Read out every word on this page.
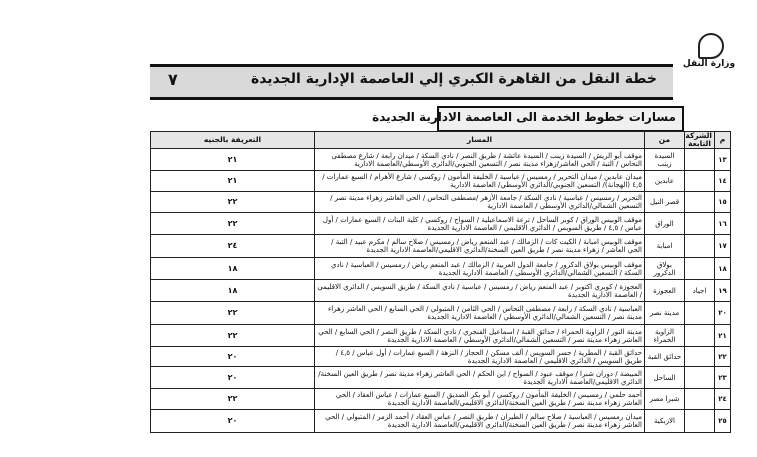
وزارة النقل
٧	خطة النقل من القاهرة الكبري إلي العاصمة الإدارية الجديدة
مسارات خطوط الخدمة الى العاصمة الادارية الجديدة
م	الشركة التابعة	من	المسار	التعريفة بالجنيه
١٣		السيدة زينب	موقف أبو الريش / السيدة زينب / السيدة عائشة / طريق النصر / نادي السكة / ميدان رابعة / شارع مصطفى النحاس / التبة / الحي العاشر/زهراء مدينة نصر / التسعين الجنوبي/الدائري الأوسطي/العاصمة الادارية	٢١
١٤		عابدين	ميدان عابدين / ميدان التحرير / رمسيس / عباسية / الخليفة المأمون / روكسي / شارع الأهرام / السبع عمارات / ٤,٥ (الهجانة)/ التسعين الجنوبي/الدائري الأوسطي/ العاصمة الادارية	٢١
١٥		قصر النيل	التحرير / رمسيس / عباسية / نادي السكة / جامعة الأزهر /مصطفى النحاس / الحي العاشر زهراء مدينة نصر / التسعين الشمالي/الدائري الأوسطي / العاصمة الادارية	٢٢
١٦		الوراق	موقف الوبيس الوراق / كوبر الساحل / ترعة الاسماعيلية / السواح / روكسي / كلية البنات / السبع عمارات / أول عباس / ٤,٥ / طريق السويس / الدائري الاقليمي / العاصمة الادارية الجديدة	٢٢
١٧		امبابة	موقف الوبيس امبابة / الكيت كات / الزمالك / عبد المنعم رياض / رمسيس / صلاح سالم / مكرم عبيد / التبة / الحي العاشر / زهراء مدينة نصر / طريق العين السخنة/الدائري الاقليمي/العاصمة الادارية الجديدة	٢٤
١٨		بولاق الدكرور	موقف الوبيس بولاق الدكرور / جامعة الدول العربية / الزمالك / عبد المنعم رياض / رمسيس / العباسية / نادي السكة / التسعين الشمالي/الدائري الأوسطي / العاصمة الادارية الجديدة	١٨
١٩	اجياد	العجوزة	العجوزة / كوبري اكتوبر / عبد المنعم رياض / رمسيس / عباسية / نادي السكة / طريق السويس / الدائري الاقليمي / العاصمة الادارية الجديدة	١٨
٢٠		مدينة نصر	العباسية / نادي السكة / رابعة / مصطفى النحاس / الحي الثامن / المتبولي / الحي السابع / الحي العاشر زهراء مدينة نصر / التسعين الشمالي/الدائري الأوسطي / العاصمة الادارية الجديدة	٢٢
٢١		الزاوية الحمراء	مدينة النور / الزاوية الحمراء / حدائق القبة / اسماعيل الفنجري / نادي السكة / طريق النصر / الحي السابع / الحي العاشر زهراء مدينة نصر / التسعين الشمالي/الدائري الأوسطي / العاصمة الادارية الجديدة	٢٢
٢٢		حدائق القبة	حدائق القبة / المطرية / جسر السويس / ألف مسكن / الحجاز / النزهة / السبع عمارات / أول عباس / ٤,٥ / طريق السويس / الدائري الاقليمي / العاصمة الادارية الجديدة	٢٠
٢٣		الساحل	المبيضة / دوران شبرا / موقف عبود / السواح / ابن الحكم / الحي العاشر زهراء مدينة نصر / طريق العين السخنة/الدائري الاقليمي/العاصمة الادارية الجديدة	٢٠
٢٤		شبرا مصر	أحمد حلمي / رمسيس / الخليفة المأمون / روكسي / أبو بكر الصديق / السبع عمارات / عباس العقاد / الحي العاشر زهراء مدينة نصر / طريق العين السخنة/الدائري الاقليمي/العاصمة الادارية الجديدة	٢٢
٢٥		الازبكية	ميدان رمسيس / العباسية / صلاح سالم / الطيران / طريق النصر / عباس العقاد / أحمد الزمر / المتبولي / الحي العاشر زهراء مدينة نصر / طريق العين السخنة/الدائري الاقليمي/العاصمة الادارية الجديدة	٢٠
